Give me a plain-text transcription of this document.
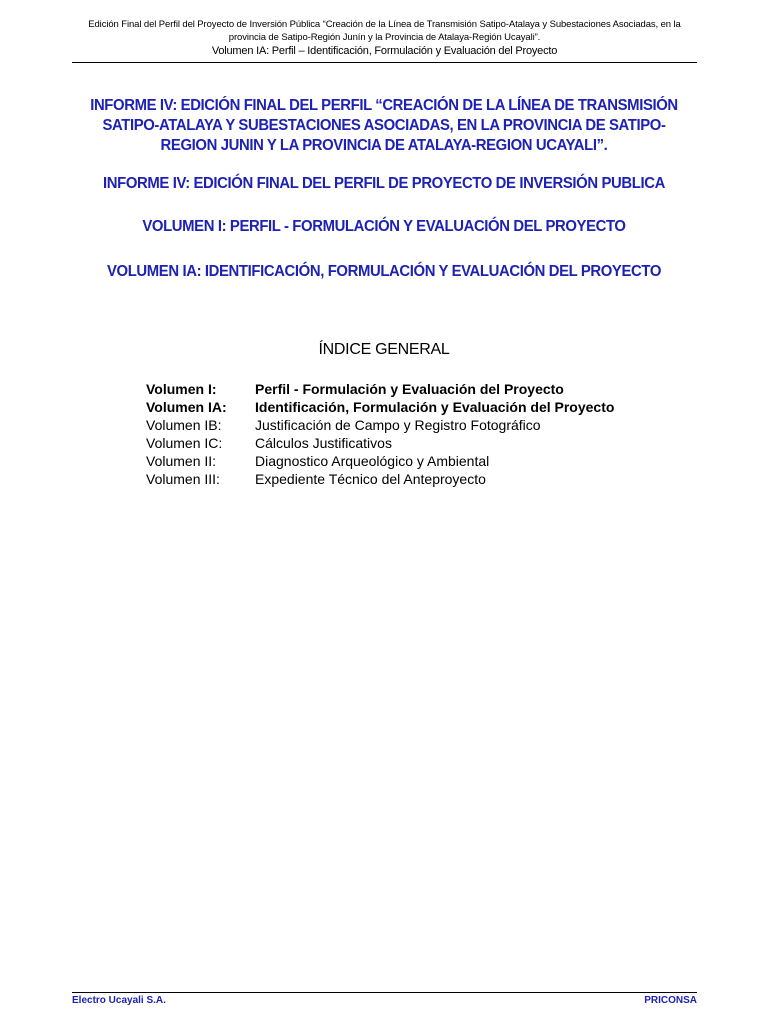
Edición Final del Perfil del Proyecto de Inversión Pública “Creación de la Línea de Transmisión Satipo-Atalaya y Subestaciones Asociadas, en la

provincia de Satipo-Región Junín y la Provincia de Atalaya-Región Ucayali”.

Volumen IA: Perfil – Identificación, Formulación y Evaluación del Proyecto

INFORME IV: EDICIÓN FINAL DEL PERFIL “CREACIÓN DE LA LÍNEA DE TRANSMISIÓN

SATIPO-ATALAYA Y SUBESTACIONES ASOCIADAS, EN LA PROVINCIA DE SATIPO-

REGION JUNIN Y LA PROVINCIA DE ATALAYA-REGION UCAYALI”.

INFORME IV: EDICIÓN FINAL DEL PERFIL DE PROYECTO DE INVERSIÓN PUBLICA

VOLUMEN I: PERFIL - FORMULACIÓN Y EVALUACIÓN DEL PROYECTO

VOLUMEN IA: IDENTIFICACIÓN, FORMULACIÓN Y EVALUACIÓN DEL PROYECTO

ÍNDICE GENERAL

Volumen I:	Perfil - Formulación y Evaluación del Proyecto
Volumen IA:	Identificación, Formulación y Evaluación del Proyecto
Volumen IB:	Justificación de Campo y Registro Fotográfico
Volumen IC:	Cálculos Justificativos
Volumen II:	Diagnostico Arqueológico y Ambiental
Volumen III:	Expediente Técnico del Anteproyecto
Electro Ucayali S.A.	PRICONSA
